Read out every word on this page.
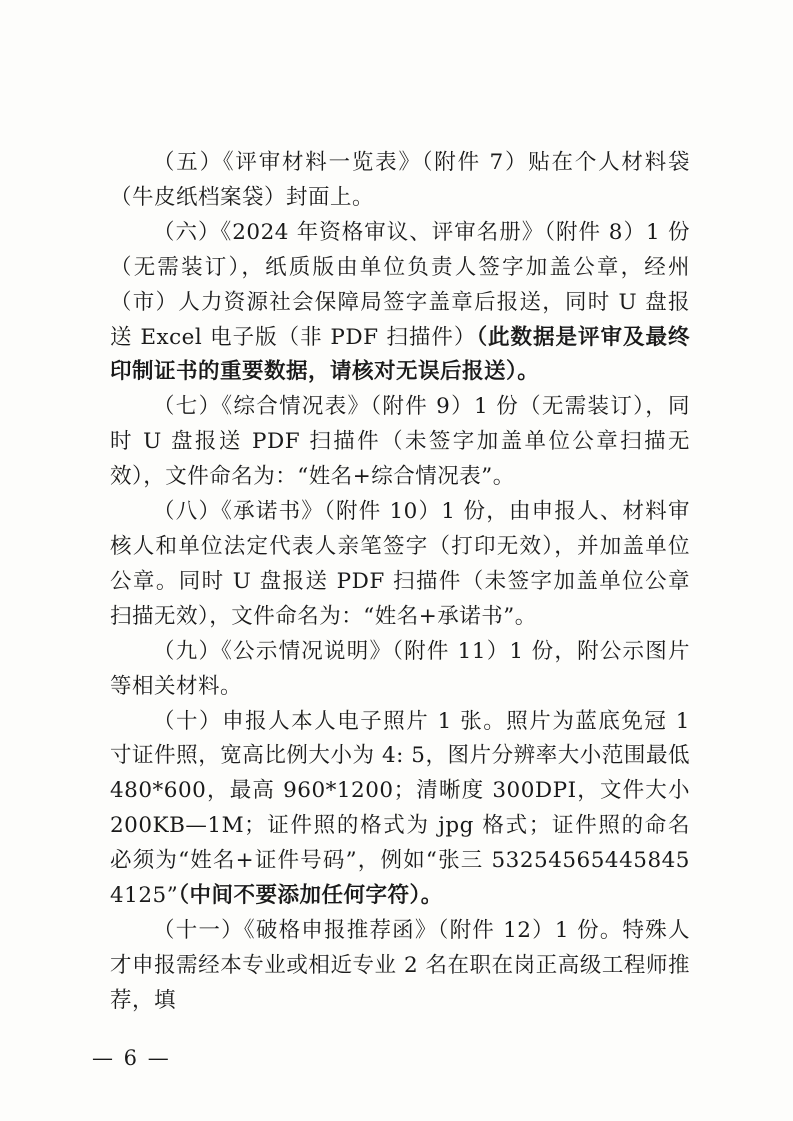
（五）《评审材料一览表》（附件 7）贴在个人材料袋（牛皮纸档案袋）封面上。

（六）《2024 年资格审议、评审名册》（附件 8）1 份（无需装订），纸质版由单位负责人签字加盖公章，经州（市）人力资源社会保障局签字盖章后报送，同时 U 盘报送 Excel 电子版（非 PDF 扫描件）（此数据是评审及最终印制证书的重要数据，请核对无误后报送）。

（七）《综合情况表》（附件 9）1 份（无需装订），同时 U 盘报送 PDF 扫描件（未签字加盖单位公章扫描无效），文件命名为：“姓名+综合情况表”。

（八）《承诺书》（附件 10）1 份，由申报人、材料审核人和单位法定代表人亲笔签字（打印无效），并加盖单位公章。同时 U 盘报送 PDF 扫描件（未签字加盖单位公章扫描无效），文件命名为：“姓名+承诺书”。

（九）《公示情况说明》（附件 11）1 份，附公示图片等相关材料。

（十）申报人本人电子照片 1 张。照片为蓝底免冠 1 寸证件照，宽高比例大小为 4: 5，图片分辨率大小范围最低 480*600，最高 960*1200；清晰度 300DPI，文件大小 200KB—1M；证件照的格式为 jpg 格式；证件照的命名必须为“姓名+证件号码”，例如“张三 532545654458454125”（中间不要添加任何字符）。

（十一）《破格申报推荐函》（附件 12）1 份。特殊人才申报需经本专业或相近专业 2 名在职在岗正高级工程师推荐，填

— 6 —
